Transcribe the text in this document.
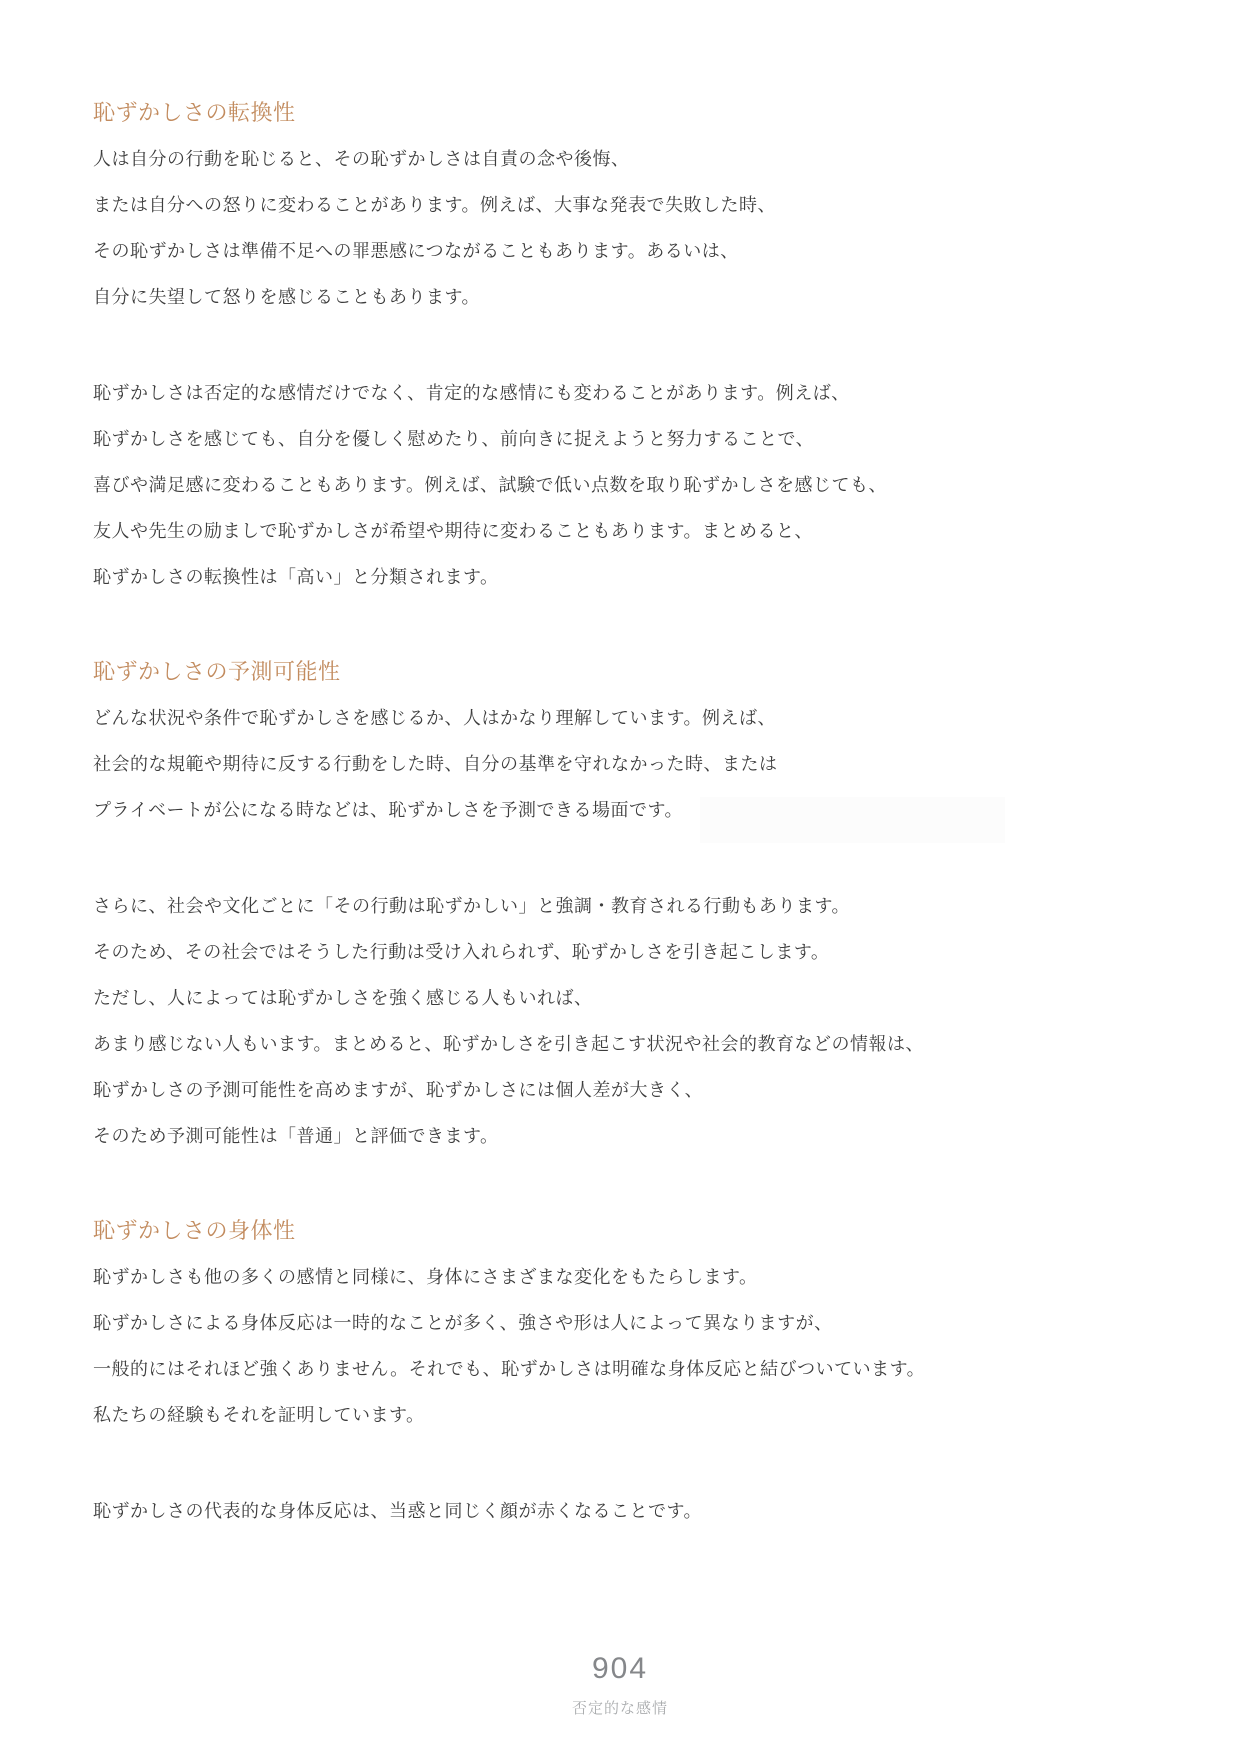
恥ずかしさの転換性
人は自分の行動を恥じると、その恥ずかしさは自責の念や後悔、
または自分への怒りに変わることがあります。例えば、大事な発表で失敗した時、
その恥ずかしさは準備不足への罪悪感につながることもあります。あるいは、
自分に失望して怒りを感じることもあります。
恥ずかしさは否定的な感情だけでなく、肯定的な感情にも変わることがあります。例えば、
恥ずかしさを感じても、自分を優しく慰めたり、前向きに捉えようと努力することで、
喜びや満足感に変わることもあります。例えば、試験で低い点数を取り恥ずかしさを感じても、
友人や先生の励ましで恥ずかしさが希望や期待に変わることもあります。まとめると、
恥ずかしさの転換性は「高い」と分類されます。
恥ずかしさの予測可能性
どんな状況や条件で恥ずかしさを感じるか、人はかなり理解しています。例えば、
社会的な規範や期待に反する行動をした時、自分の基準を守れなかった時、または
プライベートが公になる時などは、恥ずかしさを予測できる場面です。
さらに、社会や文化ごとに「その行動は恥ずかしい」と強調・教育される行動もあります。
そのため、その社会ではそうした行動は受け入れられず、恥ずかしさを引き起こします。
ただし、人によっては恥ずかしさを強く感じる人もいれば、
あまり感じない人もいます。まとめると、恥ずかしさを引き起こす状況や社会的教育などの情報は、
恥ずかしさの予測可能性を高めますが、恥ずかしさには個人差が大きく、
そのため予測可能性は「普通」と評価できます。
恥ずかしさの身体性
恥ずかしさも他の多くの感情と同様に、身体にさまざまな変化をもたらします。
恥ずかしさによる身体反応は一時的なことが多く、強さや形は人によって異なりますが、
一般的にはそれほど強くありません。それでも、恥ずかしさは明確な身体反応と結びついています。
私たちの経験もそれを証明しています。
恥ずかしさの代表的な身体反応は、当惑と同じく顔が赤くなることです。
904
否定的な感情
